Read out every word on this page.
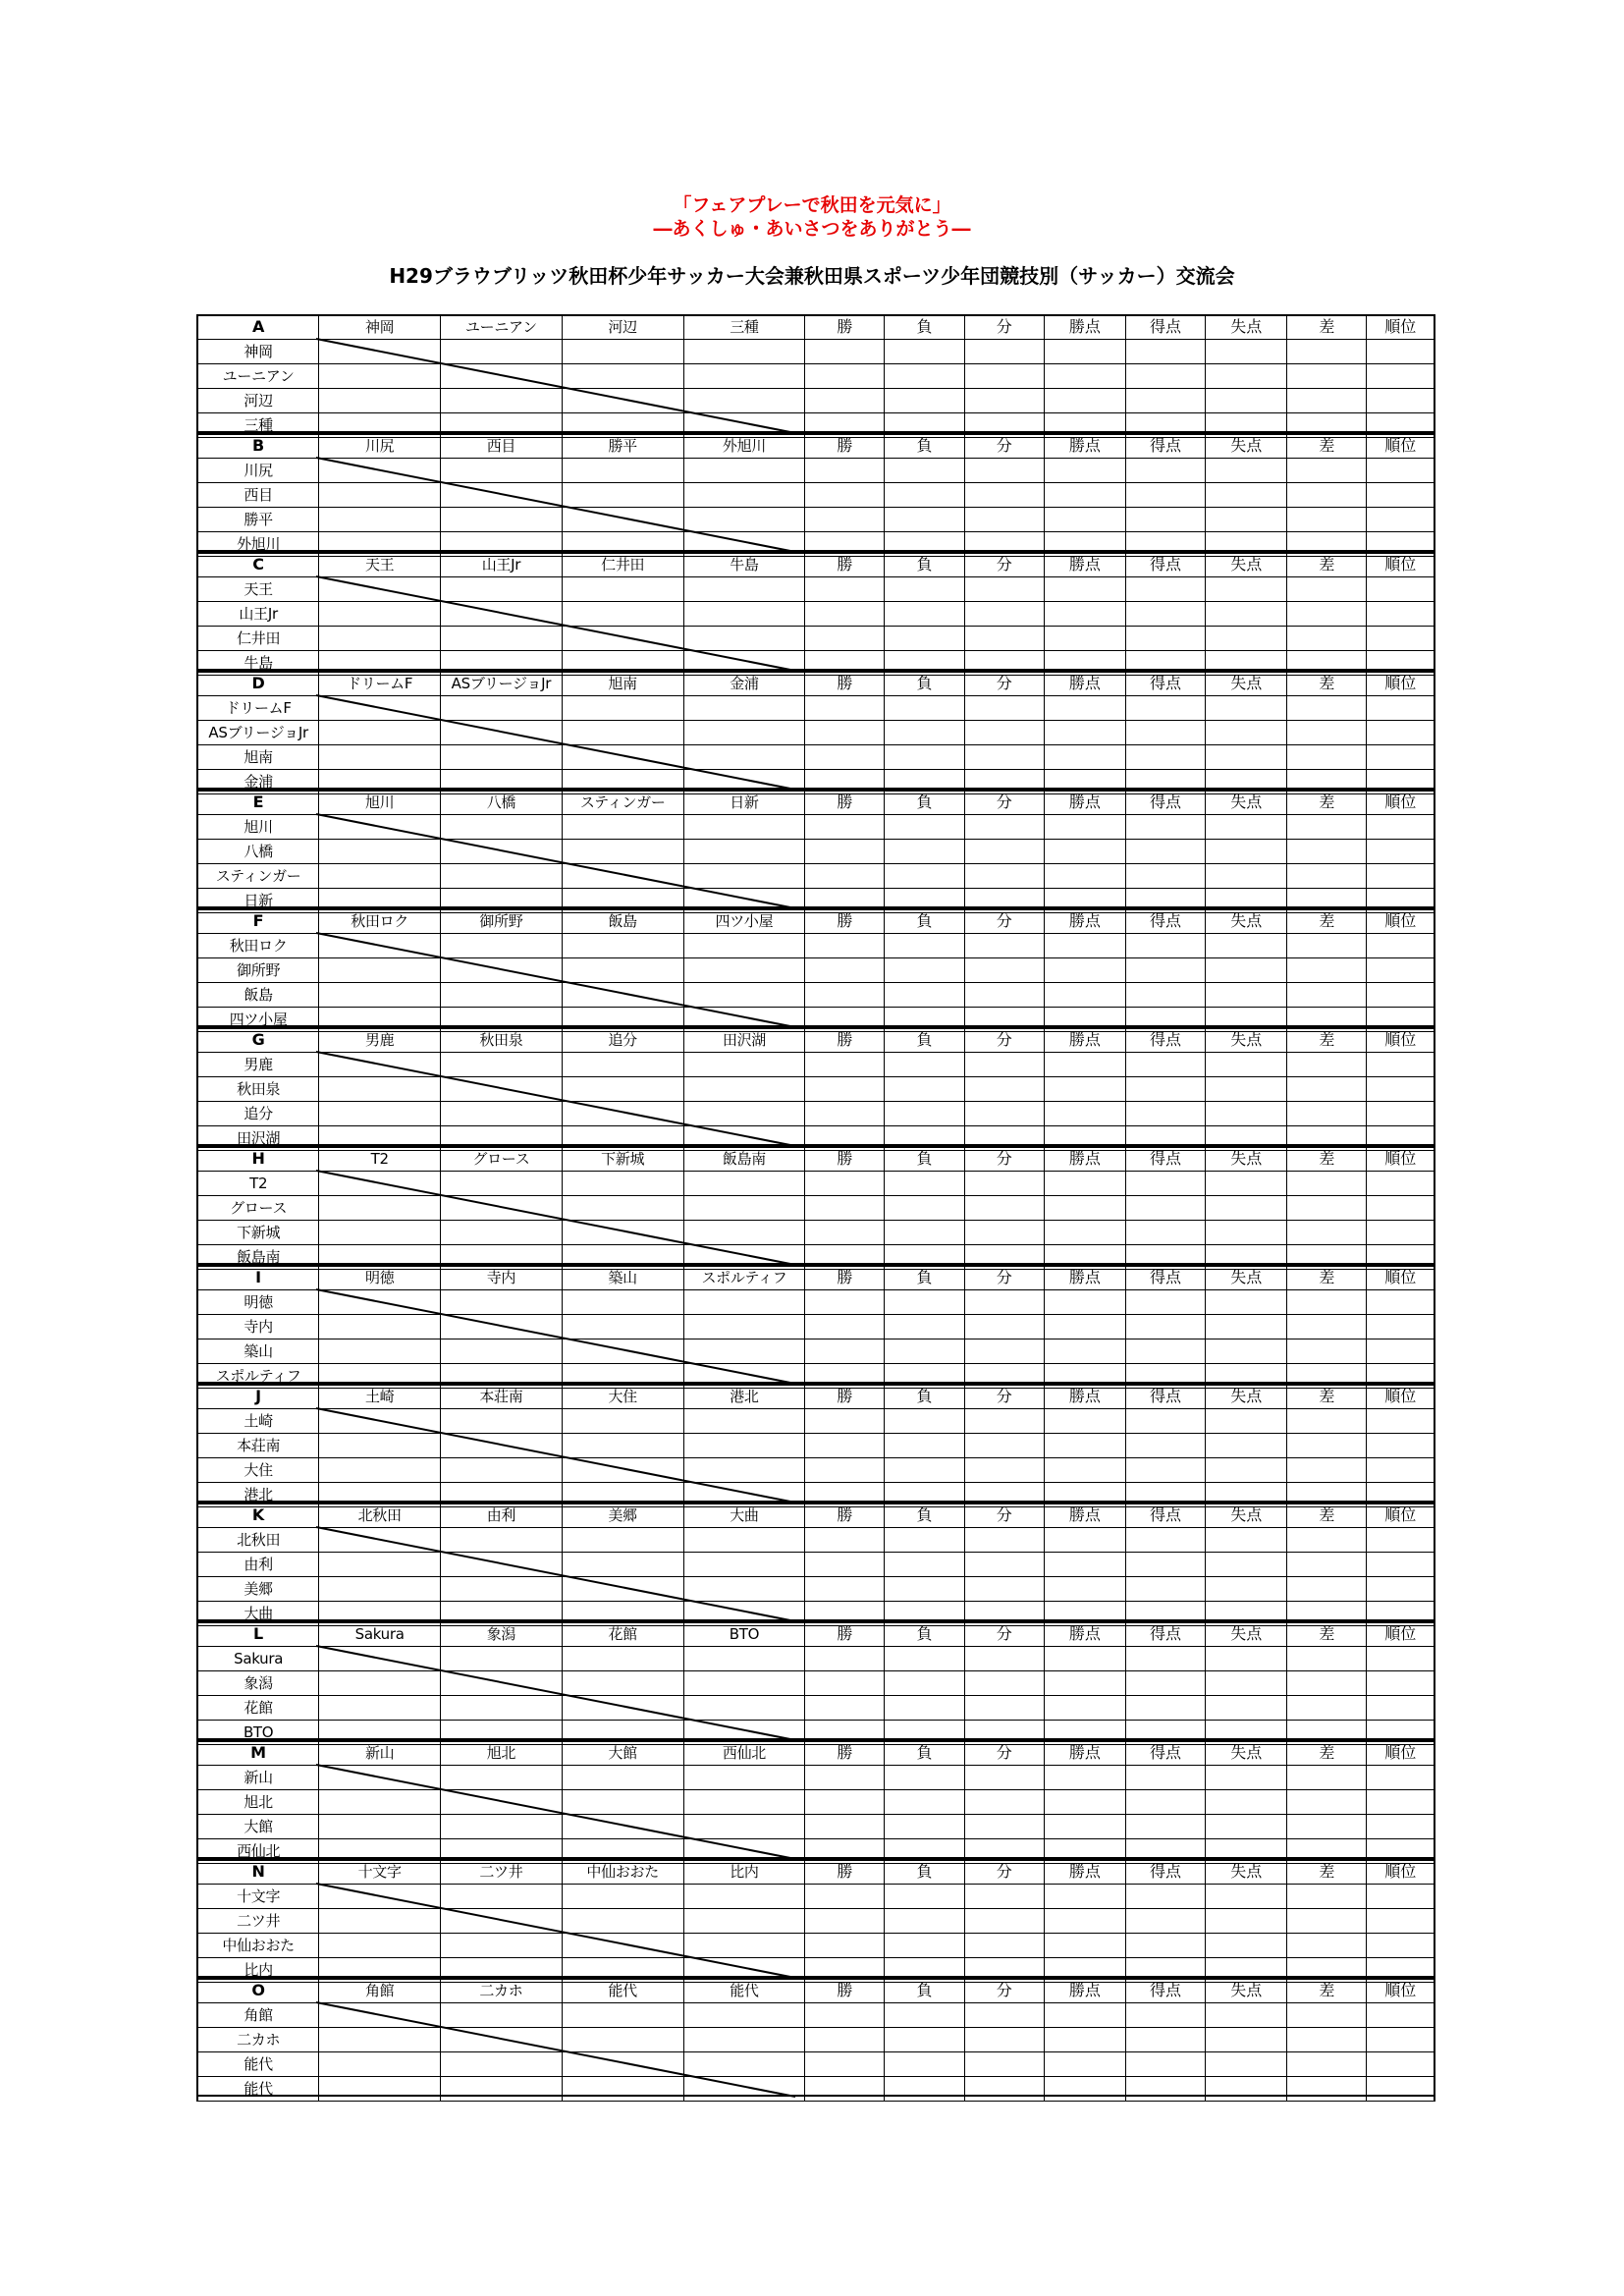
「フェアプレーで秋田を元気に」
―あくしゅ・あいさつをありがとう―
H29ブラウブリッツ秋田杯少年サッカー大会兼秋田県スポーツ少年団競技別（サッカー）交流会
A	神岡	ユーニアン	河辺	三種	勝	負	分	勝点	得点	失点	差	順位
神岡												
ユーニアン												
河辺												
三種												
B	川尻	西目	勝平	外旭川	勝	負	分	勝点	得点	失点	差	順位
川尻												
西目												
勝平												
外旭川												
C	天王	山王Jr	仁井田	牛島	勝	負	分	勝点	得点	失点	差	順位
天王												
山王Jr												
仁井田												
牛島												
D	ドリームF	ASブリージョJr	旭南	金浦	勝	負	分	勝点	得点	失点	差	順位
ドリームF												
ASブリージョJr												
旭南												
金浦												
E	旭川	八橋	スティンガー	日新	勝	負	分	勝点	得点	失点	差	順位
旭川												
八橋												
スティンガー												
日新												
F	秋田ロク	御所野	飯島	四ツ小屋	勝	負	分	勝点	得点	失点	差	順位
秋田ロク												
御所野												
飯島												
四ツ小屋												
G	男鹿	秋田泉	追分	田沢湖	勝	負	分	勝点	得点	失点	差	順位
男鹿												
秋田泉												
追分												
田沢湖												
H	T2	グロース	下新城	飯島南	勝	負	分	勝点	得点	失点	差	順位
T2												
グロース												
下新城												
飯島南												
I	明徳	寺内	築山	スポルティフ	勝	負	分	勝点	得点	失点	差	順位
明徳												
寺内												
築山												
スポルティフ												
J	土崎	本荘南	大住	港北	勝	負	分	勝点	得点	失点	差	順位
土崎												
本荘南												
大住												
港北												
K	北秋田	由利	美郷	大曲	勝	負	分	勝点	得点	失点	差	順位
北秋田												
由利												
美郷												
大曲												
L	Sakura	象潟	花館	BTO	勝	負	分	勝点	得点	失点	差	順位
Sakura												
象潟												
花館												
BTO												
M	新山	旭北	大館	西仙北	勝	負	分	勝点	得点	失点	差	順位
新山												
旭北												
大館												
西仙北												
N	十文字	二ツ井	中仙おおた	比内	勝	負	分	勝点	得点	失点	差	順位
十文字												
二ツ井												
中仙おおた												
比内												
O	角館	二カホ	能代	能代	勝	負	分	勝点	得点	失点	差	順位
角館												
二カホ												
能代												
能代												
